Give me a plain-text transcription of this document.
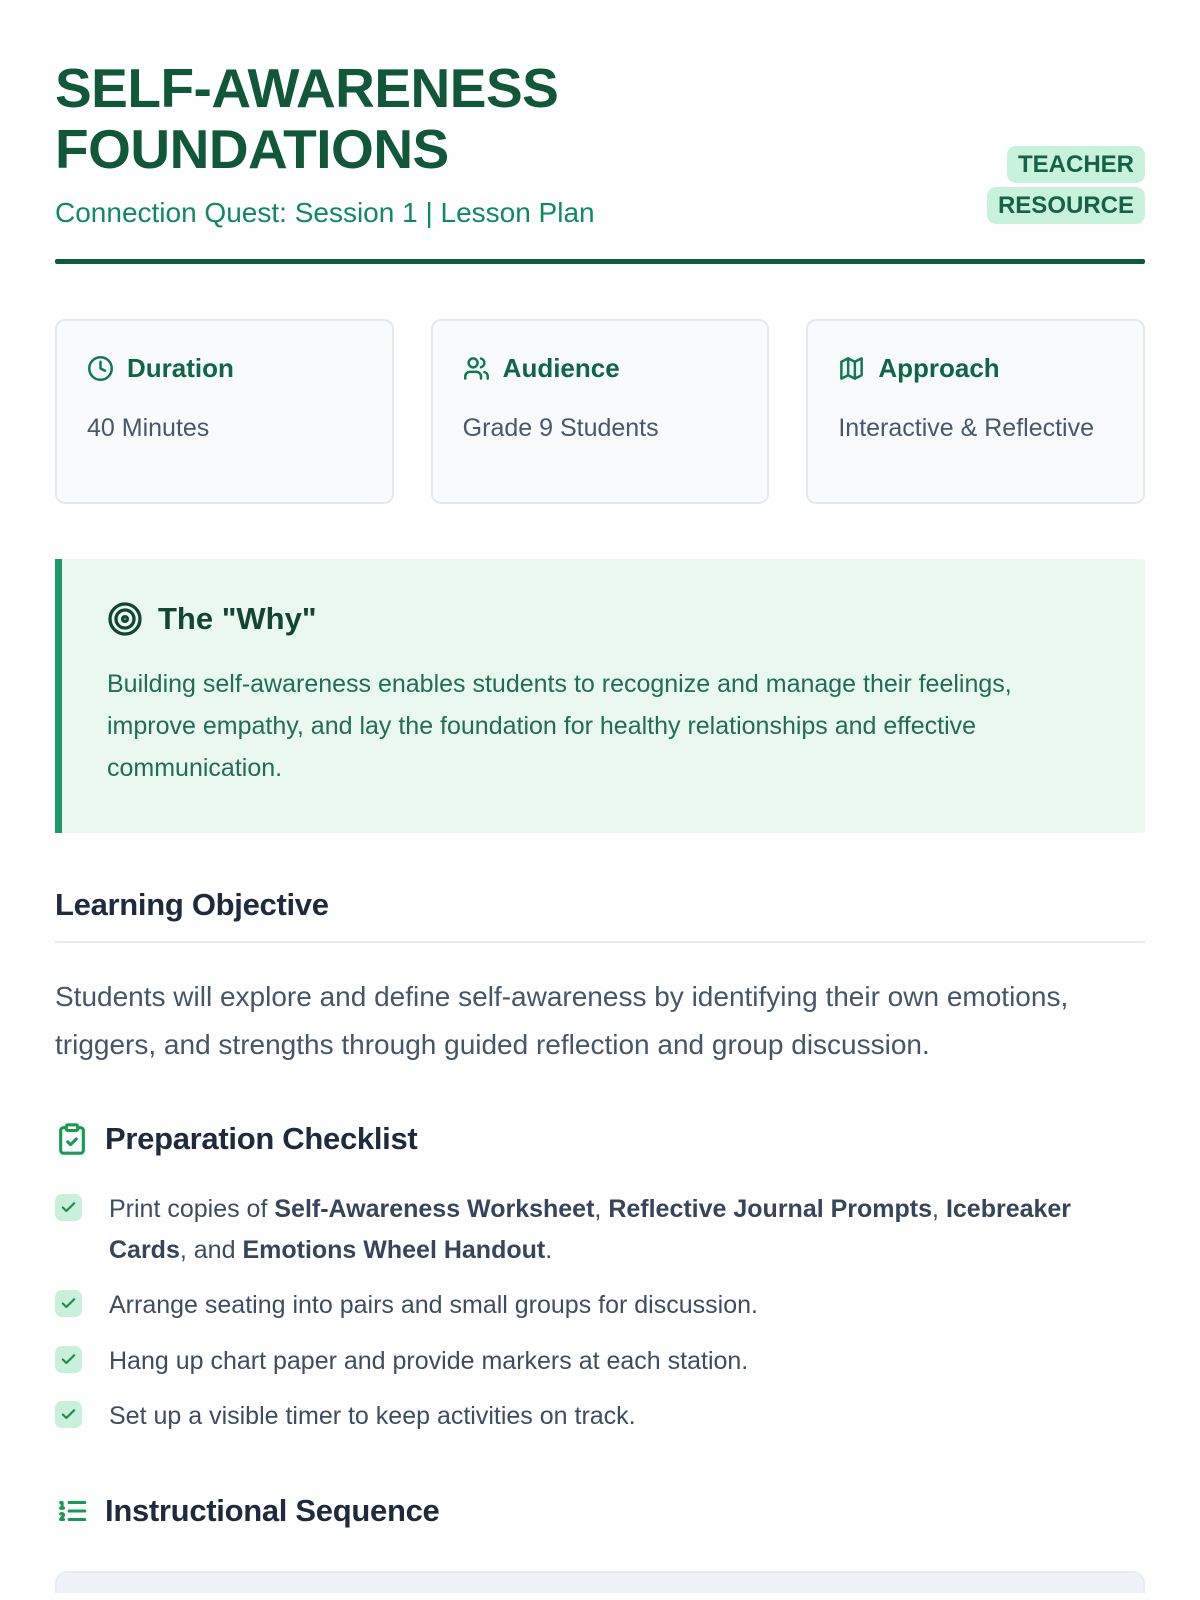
SELF-AWARENESS FOUNDATIONS
Connection Quest: Session 1 | Lesson Plan
TEACHER RESOURCE
Duration
40 Minutes
Audience
Grade 9 Students
Approach
Interactive & Reflective
The "Why"

Building self-awareness enables students to recognize and manage their feelings, improve empathy, and lay the foundation for healthy relationships and effective communication.

Learning Objective

Students will explore and define self-awareness by identifying their own emotions, triggers, and strengths through guided reflection and group discussion.

Preparation Checklist
Print copies of Self-Awareness Worksheet, Reflective Journal Prompts, Icebreaker Cards, and Emotions Wheel Handout.
Arrange seating into pairs and small groups for discussion.
Hang up chart paper and provide markers at each station.
Set up a visible timer to keep activities on track.
Instructional Sequence
